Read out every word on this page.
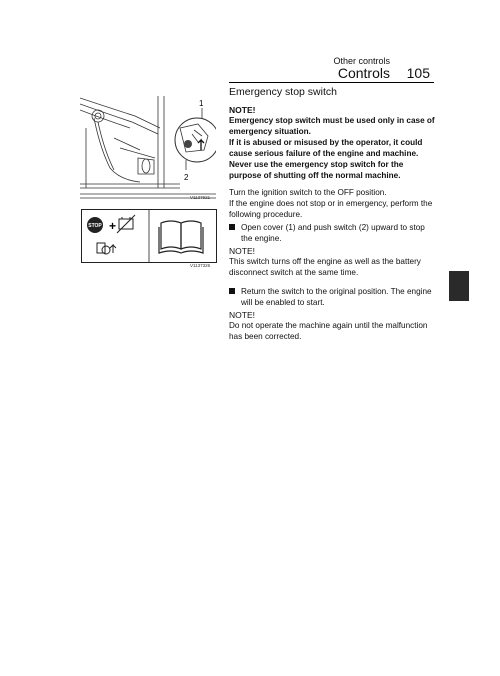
Other controls
Controls 105
1
2
V1137921
STOP +
V1137326
Emergency stop switch
NOTE!
Emergency stop switch must be used only in case of emergency situation.
If it is abused or misused by the operator, it could cause serious failure of the engine and machine.
Never use the emergency stop switch for the purpose of shutting off the normal machine.
Turn the ignition switch to the OFF position.
If the engine does not stop or in emergency, perform the following procedure.
Open cover (1) and push switch (2) upward to stop the engine.
NOTE!
This switch turns off the engine as well as the battery disconnect switch at the same time.
Return the switch to the original position. The engine will be enabled to start.
NOTE!
Do not operate the machine again until the malfunction has been corrected.
